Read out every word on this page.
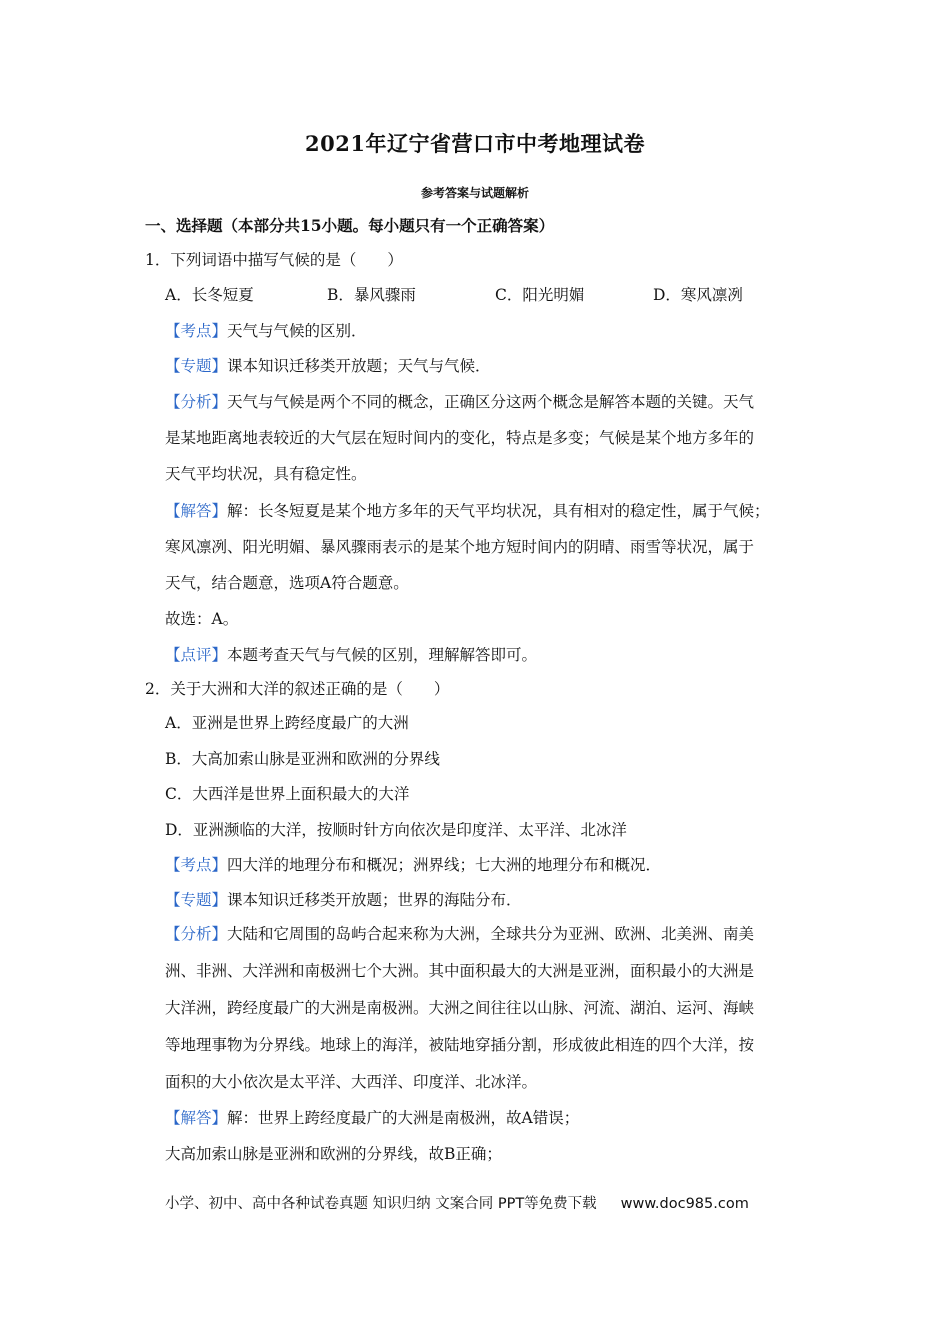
2021年辽宁省营口市中考地理试卷
参考答案与试题解析
一、选择题（本部分共15小题。每小题只有一个正确答案）
1．下列词语中描写气候的是（　　）
A．长冬短夏	B．暴风骤雨	C．阳光明媚	D．寒风凛冽
【考点】天气与气候的区别．
【专题】课本知识迁移类开放题；天气与气候．
【分析】天气与气候是两个不同的概念，正确区分这两个概念是解答本题的关键。天气
是某地距离地表较近的大气层在短时间内的变化，特点是多变；气候是某个地方多年的
天气平均状况，具有稳定性。
【解答】解：长冬短夏是某个地方多年的天气平均状况，具有相对的稳定性，属于气候；
寒风凛冽、阳光明媚、暴风骤雨表示的是某个地方短时间内的阴晴、雨雪等状况，属于
天气，结合题意，选项A符合题意。
故选：A。
【点评】本题考查天气与气候的区别，理解解答即可。
2．关于大洲和大洋的叙述正确的是（　　）
A．亚洲是世界上跨经度最广的大洲
B．大高加索山脉是亚洲和欧洲的分界线
C．大西洋是世界上面积最大的大洋
D．亚洲濒临的大洋，按顺时针方向依次是印度洋、太平洋、北冰洋
【考点】四大洋的地理分布和概况；洲界线；七大洲的地理分布和概况．
【专题】课本知识迁移类开放题；世界的海陆分布．
【分析】大陆和它周围的岛屿合起来称为大洲，全球共分为亚洲、欧洲、北美洲、南美
洲、非洲、大洋洲和南极洲七个大洲。其中面积最大的大洲是亚洲，面积最小的大洲是
大洋洲，跨经度最广的大洲是南极洲。大洲之间往往以山脉、河流、湖泊、运河、海峡
等地理事物为分界线。地球上的海洋，被陆地穿插分割，形成彼此相连的四个大洋，按
面积的大小依次是太平洋、大西洋、印度洋、北冰洋。
【解答】解：世界上跨经度最广的大洲是南极洲，故A错误；
大高加索山脉是亚洲和欧洲的分界线，故B正确；
小学、初中、高中各种试卷真题 知识归纳 文案合同 PPT等免费下载 www.doc985.com
